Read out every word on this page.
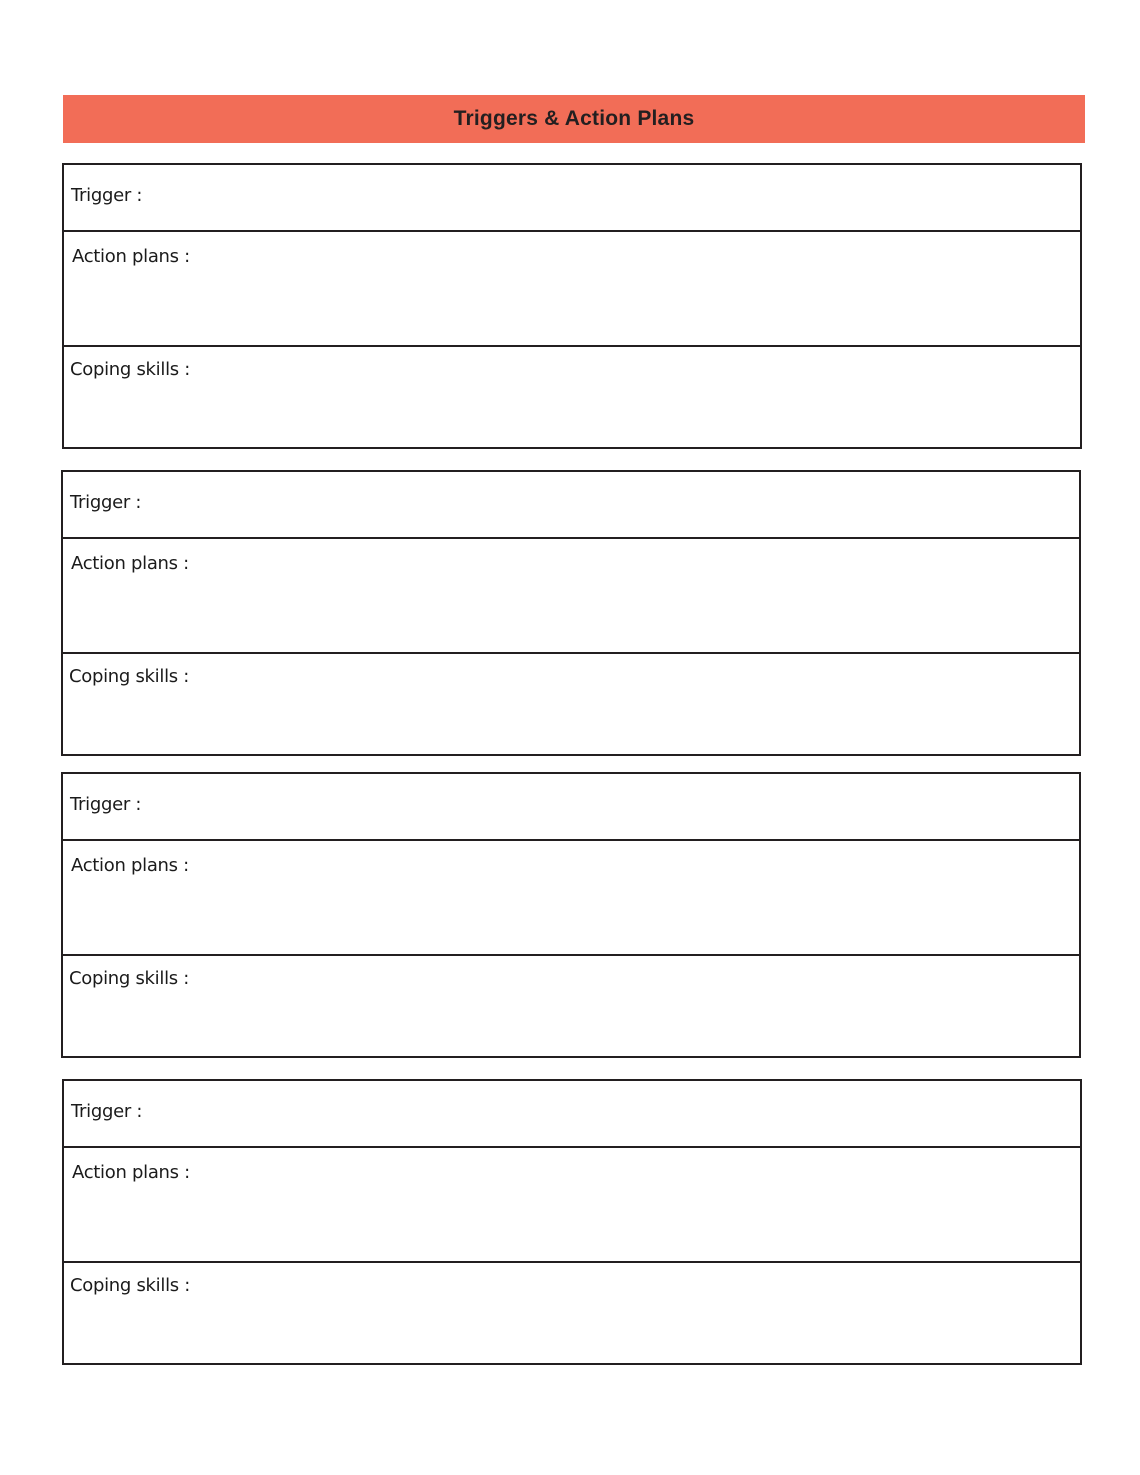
Triggers & Action Plans
Trigger :
Action plans :
Coping skills :
Trigger :
Action plans :
Coping skills :
Trigger :
Action plans :
Coping skills :
Trigger :
Action plans :
Coping skills :
